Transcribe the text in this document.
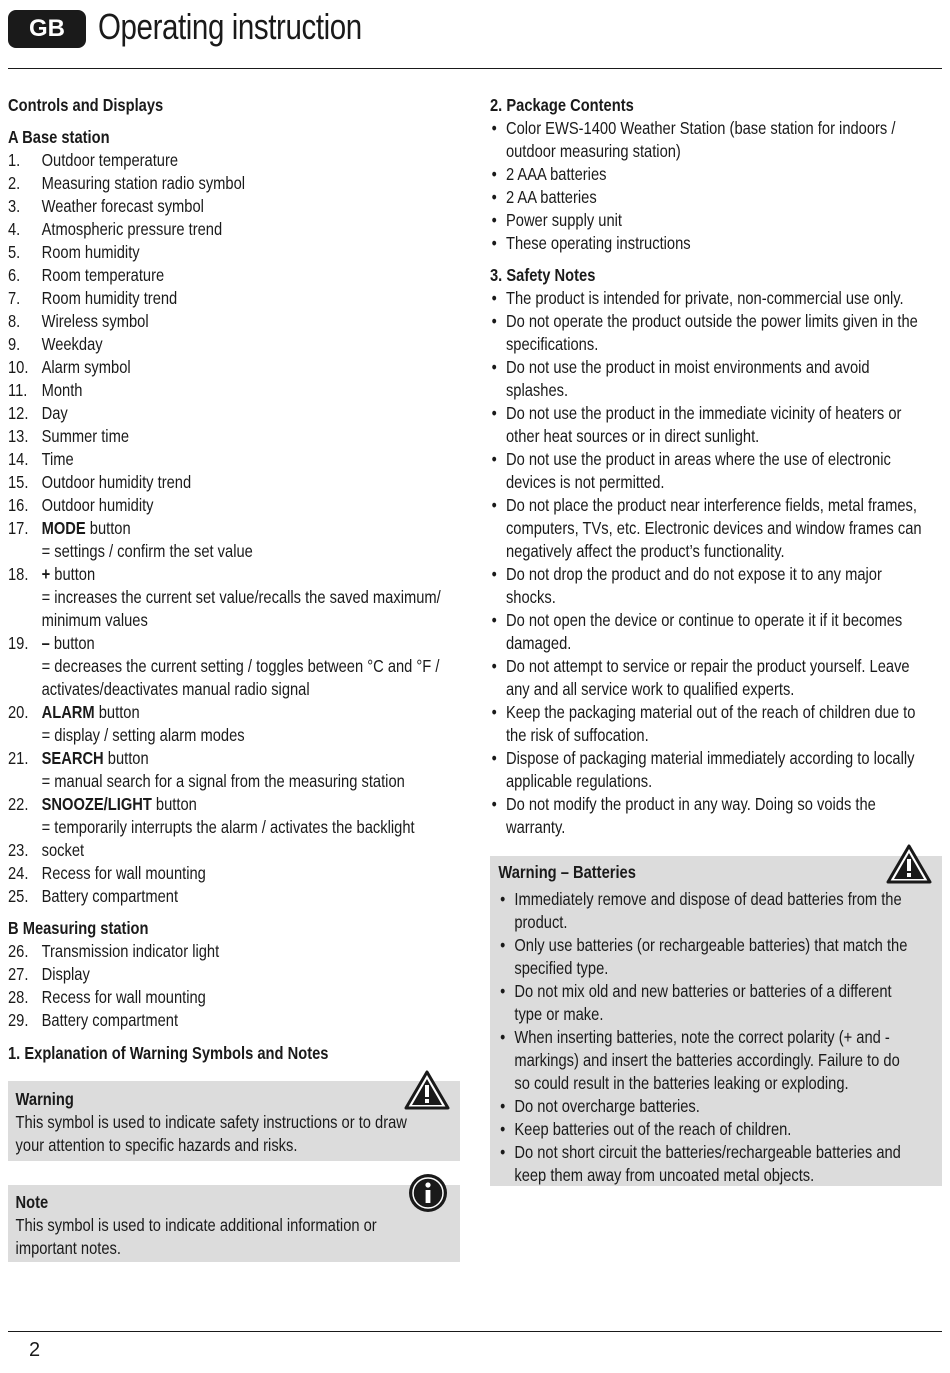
GB Operating instruction
Controls and Displays
A Base station
1. Outdoor temperature
2. Measuring station radio symbol
3. Weather forecast symbol
4. Atmospheric pressure trend
5. Room humidity
6. Room temperature
7. Room humidity trend
8. Wireless symbol
9. Weekday
10. Alarm symbol
11. Month
12. Day
13. Summer time
14. Time
15. Outdoor humidity trend
16. Outdoor humidity
17. MODE button
= settings / confirm the set value
18. + button
= increases the current set value/recalls the saved maximum/ minimum values
19. – button
= decreases the current setting / toggles between °C and °F / activates/deactivates manual radio signal
20. ALARM button
= display / setting alarm modes
21. SEARCH button
= manual search for a signal from the measuring station
22. SNOOZE/LIGHT button
= temporarily interrupts the alarm / activates the backlight
23. socket
24. Recess for wall mounting
25. Battery compartment
B Measuring station
26. Transmission indicator light
27. Display
28. Recess for wall mounting
29. Battery compartment
1. Explanation of Warning Symbols and Notes
Warning
This symbol is used to indicate safety instructions or to draw your attention to specific hazards and risks.
Note
This symbol is used to indicate additional information or important notes.
2. Package Contents
• Color EWS-1400 Weather Station (base station for indoors / outdoor measuring station)
• 2 AAA batteries
• 2 AA batteries
• Power supply unit
• These operating instructions
3. Safety Notes
• The product is intended for private, non-commercial use only.
• Do not operate the product outside the power limits given in the specifications.
• Do not use the product in moist environments and avoid splashes.
• Do not use the product in the immediate vicinity of heaters or other heat sources or in direct sunlight.
• Do not use the product in areas where the use of electronic devices is not permitted.
• Do not place the product near interference fields, metal frames, computers, TVs, etc. Electronic devices and window frames can negatively affect the product’s functionality.
• Do not drop the product and do not expose it to any major shocks.
• Do not open the device or continue to operate it if it becomes damaged.
• Do not attempt to service or repair the product yourself. Leave any and all service work to qualified experts.
• Keep the packaging material out of the reach of children due to the risk of suffocation.
• Dispose of packaging material immediately according to locally applicable regulations.
• Do not modify the product in any way. Doing so voids the warranty.
Warning – Batteries
• Immediately remove and dispose of dead batteries from the product.
• Only use batteries (or rechargeable batteries) that match the specified type.
• Do not mix old and new batteries or batteries of a different type or make.
• When inserting batteries, note the correct polarity (+ and - markings) and insert the batteries accordingly. Failure to do so could result in the batteries leaking or exploding.
• Do not overcharge batteries.
• Keep batteries out of the reach of children.
• Do not short circuit the batteries/rechargeable batteries and keep them away from uncoated metal objects.
2
